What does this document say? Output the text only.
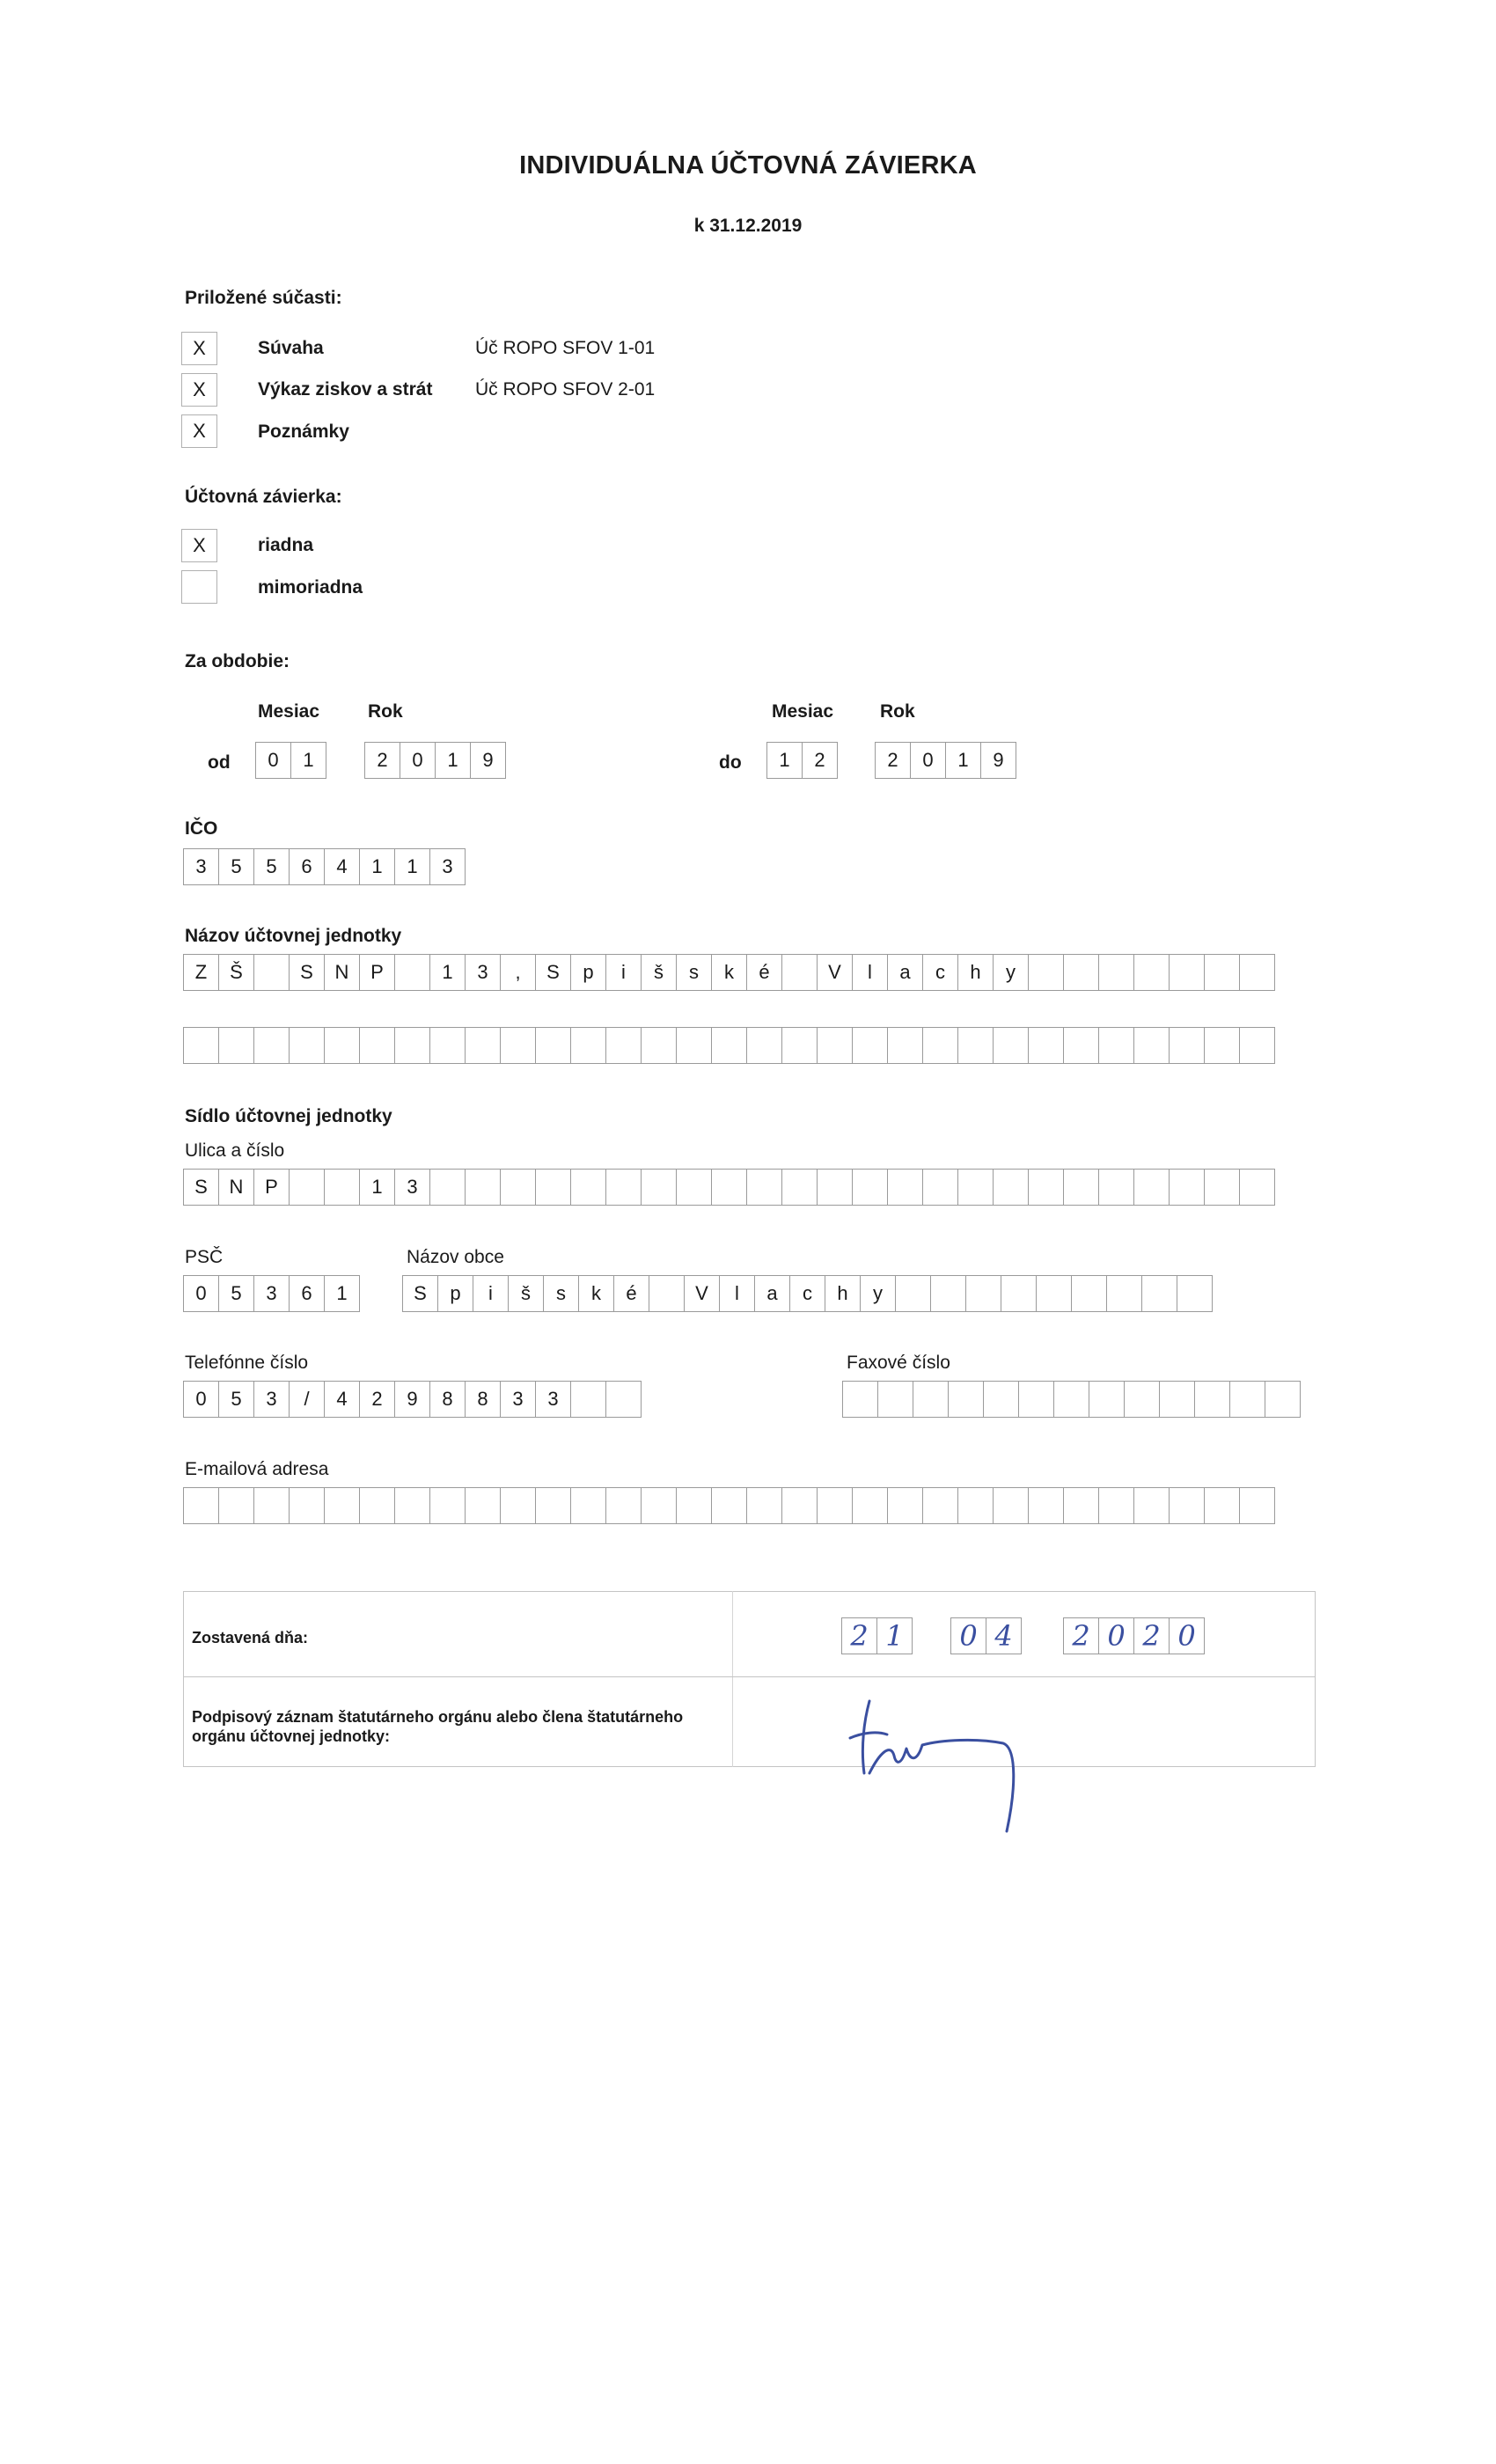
INDIVIDUÁLNA ÚČTOVNÁ ZÁVIERKA
k 31.12.2019
Priložené súčasti:
X	Súvaha	Úč ROPO SFOV 1-01
X	Výkaz ziskov a strát Úč ROPO SFOV 2-01
X	Poznámky
Účtovná závierka:
X	riadna
mimoriadna
Za obdobie:
Mesiac	Rok	Mesiac	Rok
od	0	1	2	0	1	9	do	1	2	2	0	1	9
IČO
3	5	5	6	4	1	1	3
Názov účtovnej jednotky
Z	Š	S	N	P	1	3	,	S	p	i	š	s	k	é	V	l	a	c	h	y
Sídlo účtovnej jednotky
Ulica a číslo
S	N	P	1	3
PSČ	Názov obce
0	5	3	6	1	S	p	i	š	s	k	é	V	l	a	c	h	y
Telefónne číslo	Faxové číslo
0	5	3	/	4	2	9	8	8	3	3
E-mailová adresa
Zostavená dňa:	2 1	0 4	2 0 2 0
Podpisový záznam štatutárneho orgánu alebo člena štatutárneho orgánu účtovnej jednotky:
